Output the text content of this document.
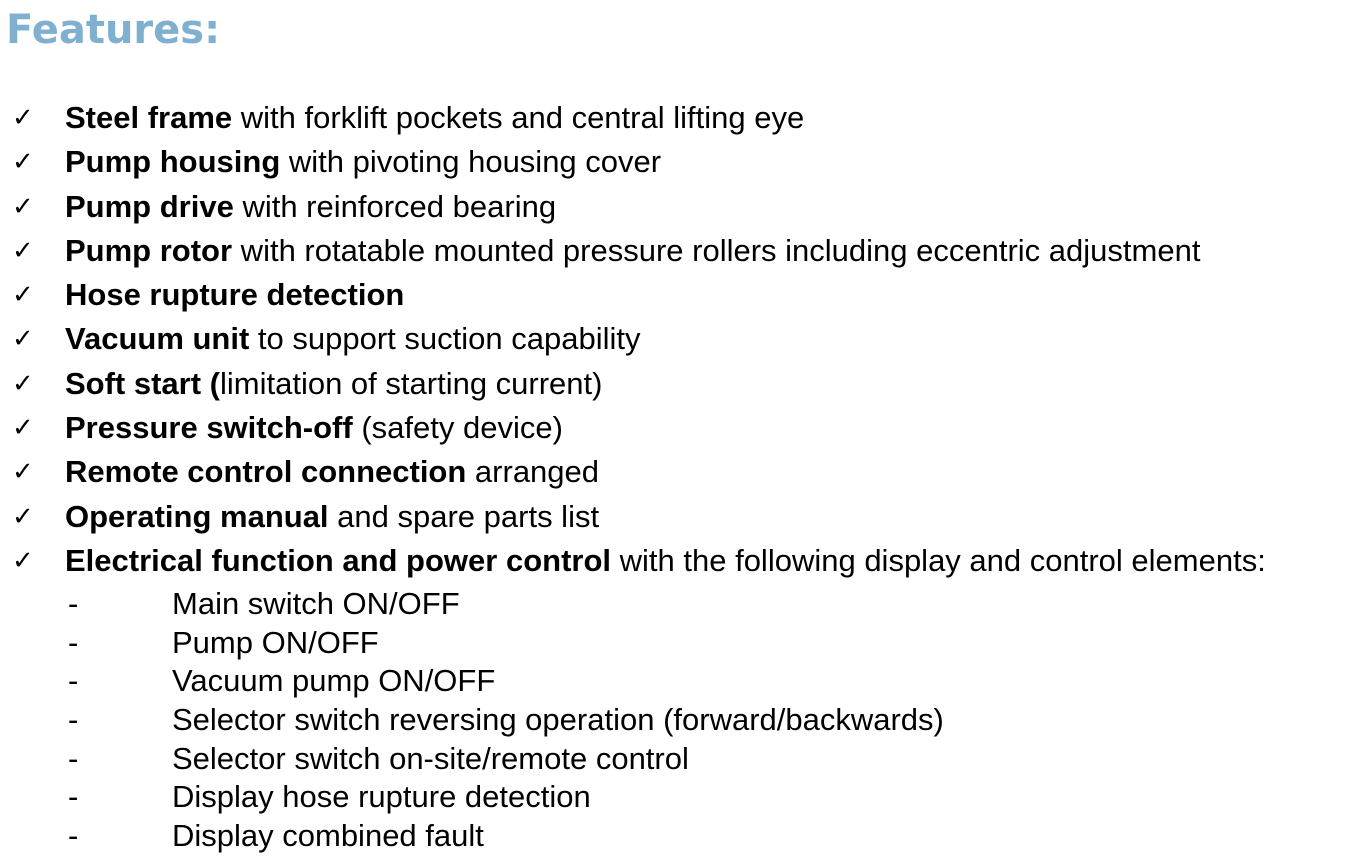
Features:
✓ Steel frame with forklift pockets and central lifting eye
✓ Pump housing with pivoting housing cover
✓ Pump drive with reinforced bearing
✓ Pump rotor with rotatable mounted pressure rollers including eccentric adjustment
✓ Hose rupture detection
✓ Vacuum unit to support suction capability
✓ Soft start (limitation of starting current)
✓ Pressure switch-off (safety device)
✓ Remote control connection arranged
✓ Operating manual and spare parts list
✓ Electrical function and power control with the following display and control elements:
-	Main switch ON/OFF
-	Pump ON/OFF
-	Vacuum pump ON/OFF
-	Selector switch reversing operation (forward/backwards)
-	Selector switch on-site/remote control
-	Display hose rupture detection
-	Display combined fault
